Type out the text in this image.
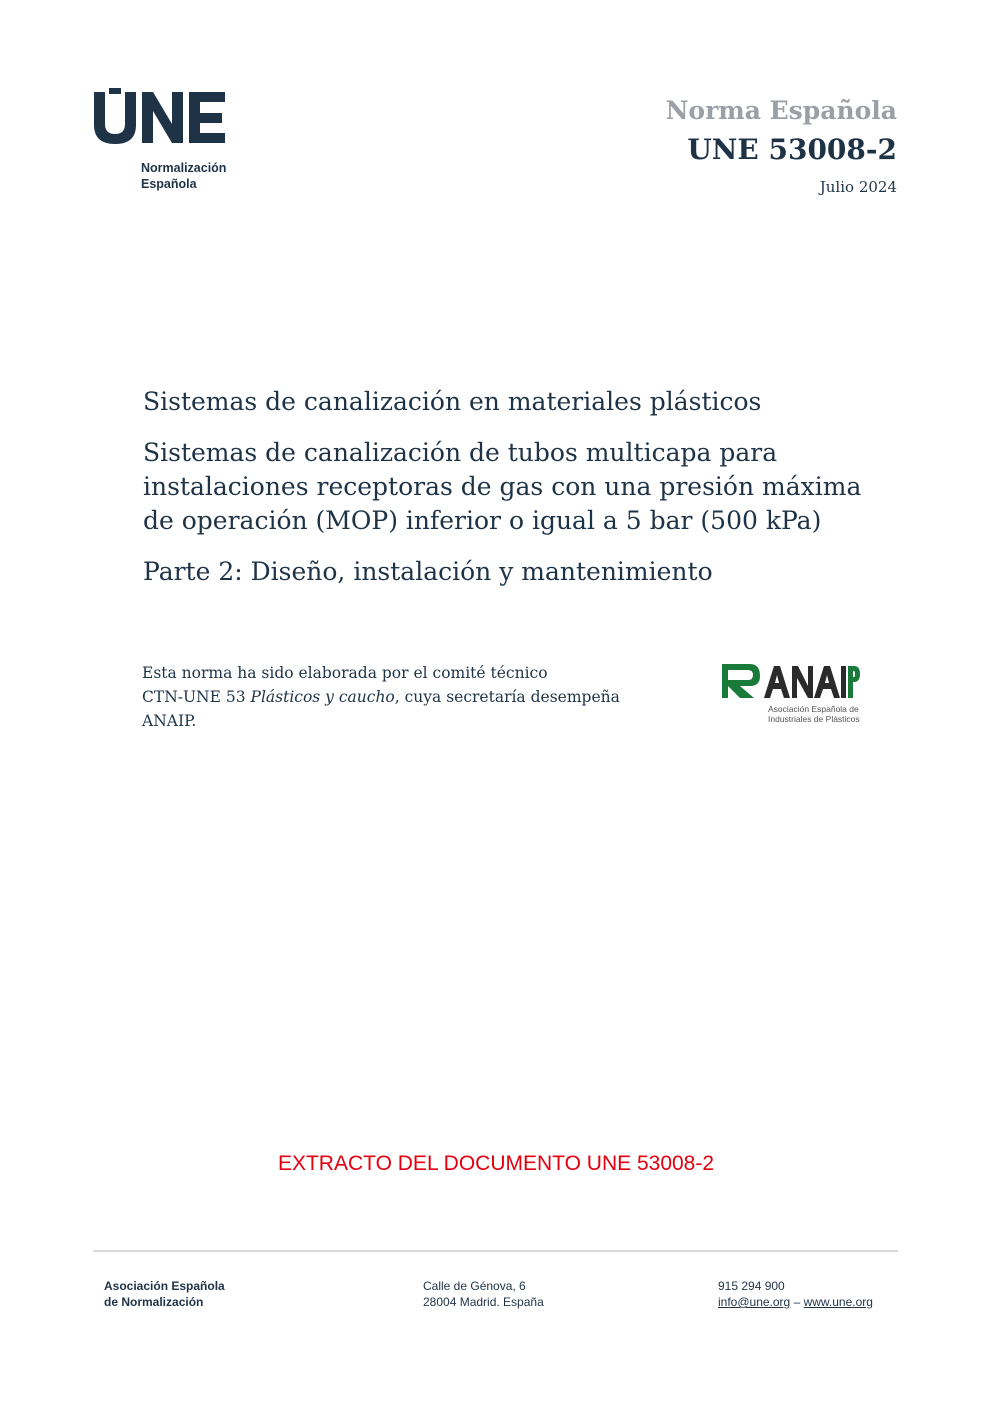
Normalización
Española
Norma Española
UNE 53008-2
Julio 2024
Sistemas de canalización en materiales plásticos
Sistemas de canalización de tubos multicapa para
instalaciones receptoras de gas con una presión máxima
de operación (MOP) inferior o igual a 5 bar (500 kPa)
Parte 2: Diseño, instalación y mantenimiento
Esta norma ha sido elaborada por el comité técnico
CTN-UNE 53 Plásticos y caucho, cuya secretaría desempeña
ANAIP.
Asociación Española de
Industriales de Plásticos
EXTRACTO DEL DOCUMENTO UNE 53008-2
Asociación Española
de Normalización
Calle de Génova, 6
28004 Madrid. España
915 294 900
info@une.org – www.une.org
